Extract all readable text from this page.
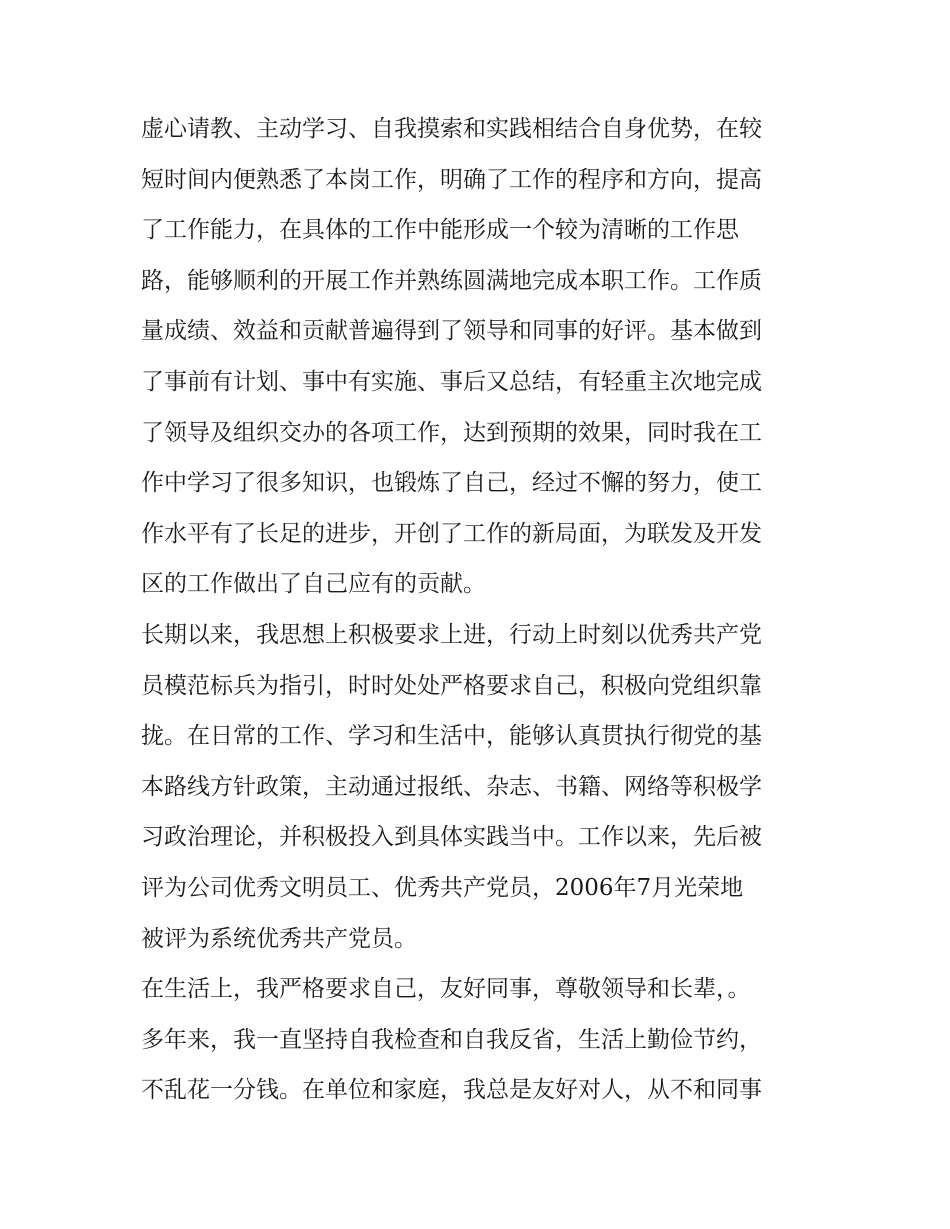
虚心请教、主动学习、自我摸索和实践相结合自身优势，在较
短时间内便熟悉了本岗工作，明确了工作的程序和方向，提高
了工作能力，在具体的工作中能形成一个较为清晰的工作思
路，能够顺利的开展工作并熟练圆满地完成本职工作。工作质
量成绩、效益和贡献普遍得到了领导和同事的好评。基本做到
了事前有计划、事中有实施、事后又总结，有轻重主次地完成
了领导及组织交办的各项工作，达到预期的效果，同时我在工
作中学习了很多知识，也锻炼了自己，经过不懈的努力，使工
作水平有了长足的进步，开创了工作的新局面，为联发及开发
区的工作做出了自己应有的贡献。
长期以来，我思想上积极要求上进，行动上时刻以优秀共产党
员模范标兵为指引，时时处处严格要求自己，积极向党组织靠
拢。在日常的工作、学习和生活中，能够认真贯执行彻党的基
本路线方针政策，主动通过报纸、杂志、书籍、网络等积极学
习政治理论，并积极投入到具体实践当中。工作以来，先后被
评为公司优秀文明员工、优秀共产党员，2006年7月光荣地
被评为系统优秀共产党员。
在生活上，我严格要求自己，友好同事，尊敬领导和长辈，。
多年来，我一直坚持自我检查和自我反省，生活上勤俭节约，
不乱花一分钱。在单位和家庭，我总是友好对人，从不和同事
